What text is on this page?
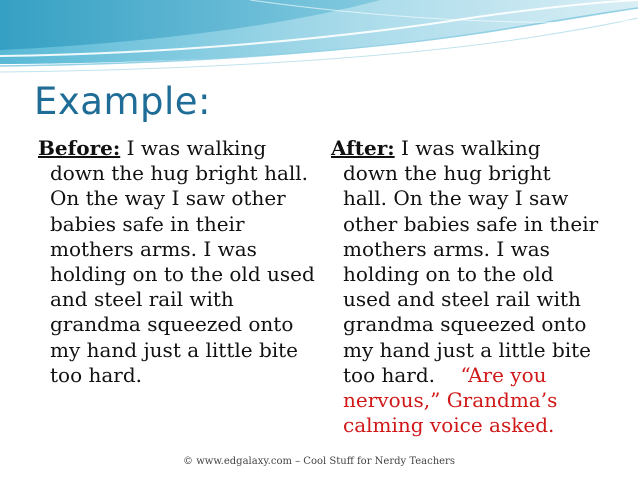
Example:

Before: I was walking down the hug bright hall. On the way I saw other babies safe in their mothers arms. I was holding on to the old used and steel rail with grandma squeezed onto my hand just a little bite too hard.

After: I was walking down the hug bright hall. On the way I saw other babies safe in their mothers arms. I was holding on to the old used and steel rail with grandma squeezed onto my hand just a little bite too hard. “Are you nervous,” Grandma’s calming voice asked.

© www.edgalaxy.com – Cool Stuff for Nerdy Teachers
